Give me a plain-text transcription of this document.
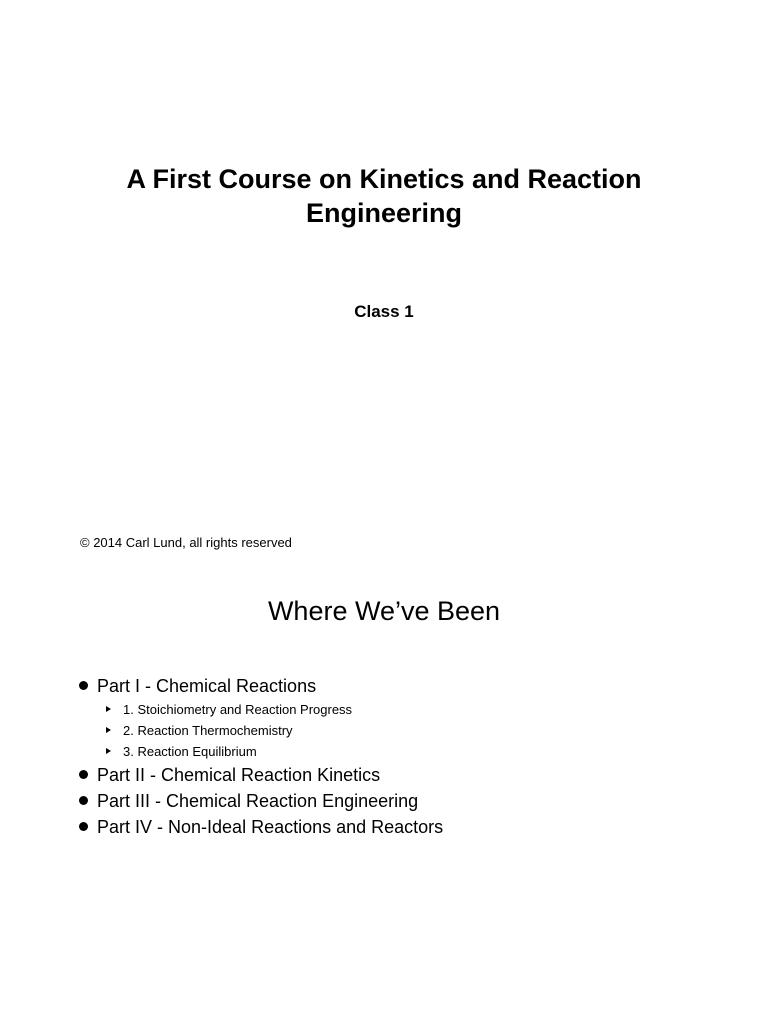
A First Course on Kinetics and Reaction Engineering
Class 1

© 2014 Carl Lund, all rights reserved

Where We’ve Been
Part I - Chemical Reactions
1. Stoichiometry and Reaction Progress
2. Reaction Thermochemistry
3. Reaction Equilibrium
Part II - Chemical Reaction Kinetics
Part III - Chemical Reaction Engineering
Part IV - Non-Ideal Reactions and Reactors
